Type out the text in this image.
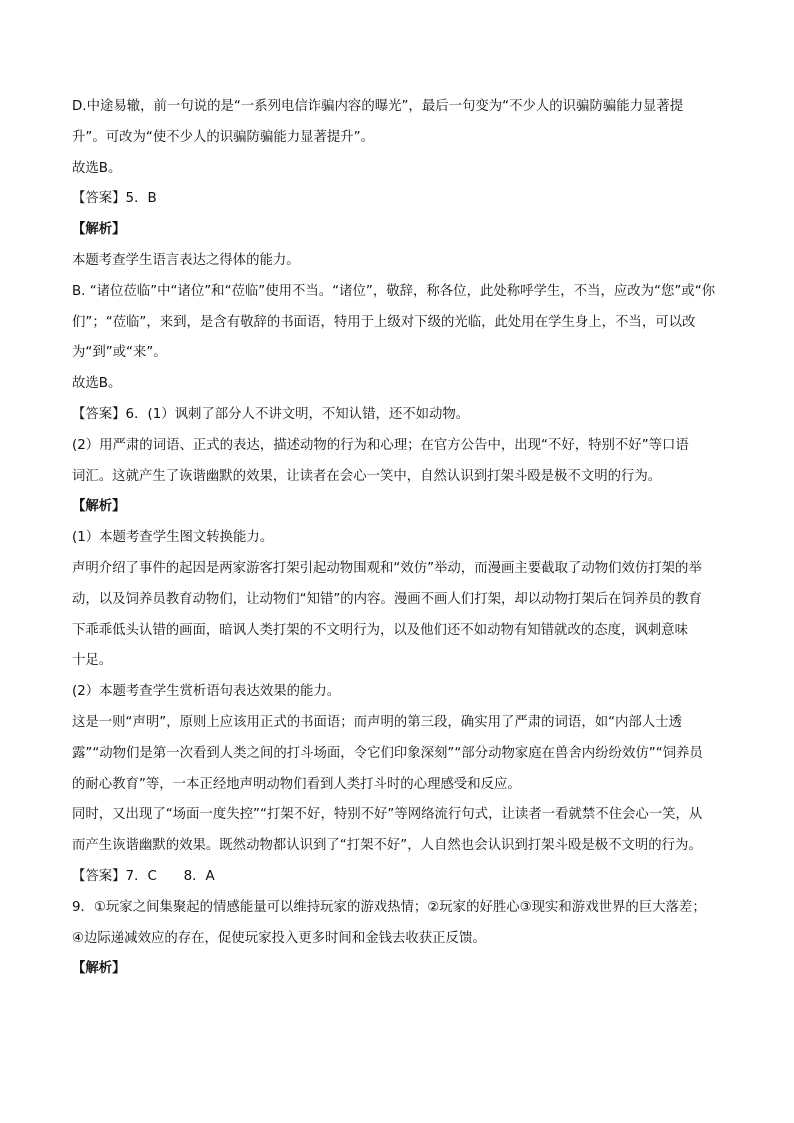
D.中途易辙，前一句说的是“一系列电信诈骗内容的曝光”，最后一句变为“不少人的识骗防骗能力显著提
升”。可改为“使不少人的识骗防骗能力显著提升”。
故选B。
【答案】5．B
【解析】
本题考查学生语言表达之得体的能力。
B. “诸位莅临”中“诸位”和“莅临”使用不当。“诸位”，敬辞，称各位，此处称呼学生，不当，应改为“您”或“你
们”；“莅临”，来到，是含有敬辞的书面语，特用于上级对下级的光临，此处用在学生身上，不当，可以改
为“到”或“来”。
故选B。
【答案】6．(1）讽刺了部分人不讲文明，不知认错，还不如动物。
(2）用严肃的词语、正式的表达，描述动物的行为和心理；在官方公告中，出现“不好，特别不好”等口语
词汇。这就产生了诙谐幽默的效果，让读者在会心一笑中，自然认识到打架斗殴是极不文明的行为。
【解析】
(1）本题考查学生图文转换能力。
声明介绍了事件的起因是两家游客打架引起动物围观和“效仿”举动，而漫画主要截取了动物们效仿打架的举
动，以及饲养员教育动物们，让动物们“知错”的内容。漫画不画人们打架，却以动物打架后在饲养员的教育
下乖乖低头认错的画面，暗讽人类打架的不文明行为，以及他们还不如动物有知错就改的态度，讽刺意味
十足。
(2）本题考查学生赏析语句表达效果的能力。
这是一则“声明”，原则上应该用正式的书面语；而声明的第三段，确实用了严肃的词语，如“内部人士透
露”“动物们是第一次看到人类之间的打斗场面，令它们印象深刻”“部分动物家庭在兽舍内纷纷效仿”“饲养员
的耐心教育”等，一本正经地声明动物们看到人类打斗时的心理感受和反应。
同时，又出现了“场面一度失控”“打架不好，特别不好”等网络流行句式，让读者一看就禁不住会心一笑，从
而产生诙谐幽默的效果。既然动物都认识到了“打架不好”，人自然也会认识到打架斗殴是极不文明的行为。
【答案】7．C　　8．A
9．①玩家之间集聚起的情感能量可以维持玩家的游戏热情；②玩家的好胜心③现实和游戏世界的巨大落差；
④边际递减效应的存在，促使玩家投入更多时间和金钱去收获正反馈。
【解析】
